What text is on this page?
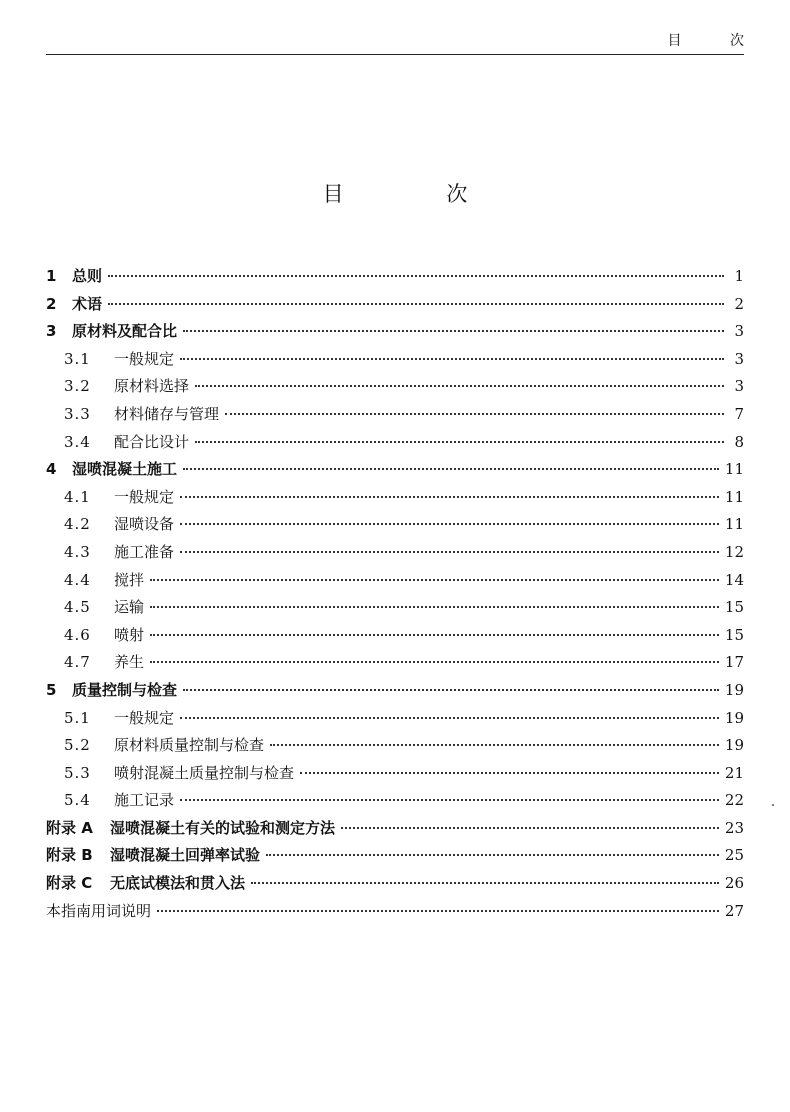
目 次
目 次
1	总则	1
2	术语	2
3	原材料及配合比	3
3.1	一般规定	3
3.2	原材料选择	3
3.3	材料储存与管理	7
3.4	配合比设计	8
4	湿喷混凝土施工	11
4.1	一般规定	11
4.2	湿喷设备	11
4.3	施工准备	12
4.4	搅拌	14
4.5	运输	15
4.6	喷射	15
4.7	养生	17
5	质量控制与检查	19
5.1	一般规定	19
5.2	原材料质量控制与检查	19
5.3	喷射混凝土质量控制与检查	21
5.4	施工记录	22
附录 A	湿喷混凝土有关的试验和测定方法	23
附录 B	湿喷混凝土回弹率试验	25
附录 C	无底试模法和贯入法	26
本指南用词说明	27
